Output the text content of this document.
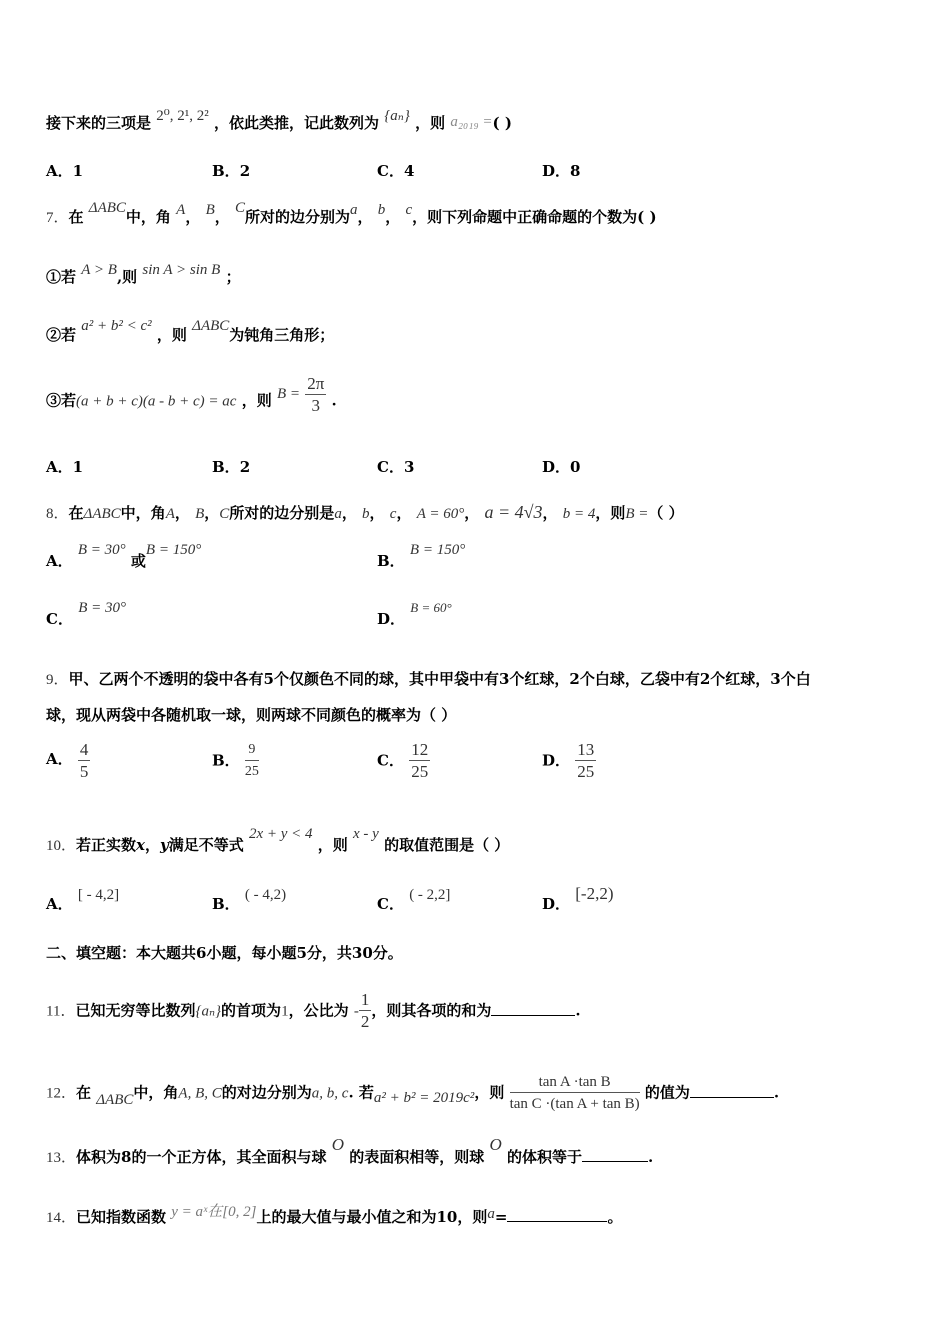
接下来的三项是 2⁰, 2¹, 2² ，依此类推，记此数列为 {aₙ} ，则 a₂₀₁₉ =( )
A．1	B．2	C．4	D．8
7．在 ΔABC中，角 A， B， C所对的边分别为a， b， c，则下列命题中正确命题的个数为( )
①若 A > B,则 sin A > sin B ；
②若 a² + b² < c² ，则 ΔABC为钝角三角形；
③若(a + b + c)(a - b + c) = ac ，则 $B = \frac{2\pi}{3}$ .
A．1	B．2	C．3	D．0
8．在ΔABC中，角A， B，C所对的边分别是a， b， c， A = 60°， a = 4√3， b = 4，则B =（ ）
A． B = 30° 或B = 150°
B． B = 150°
C． B = 30°
D． B = 60°
9．甲、乙两个不透明的袋中各有5个仅颜色不同的球，其中甲袋中有3个红球，2个白球，乙袋中有2个红球，3个白
球，现从两袋中各随机取一球，则两球不同颜色的概率为（ ）
A． $\frac{4}{5}$	B． $\frac{9}{25}$	C． $\frac{12}{25}$	D． $\frac{13}{25}$
10．若正实数x，y满足不等式 2x + y < 4 ，则 x - y 的取值范围是（ ）
A． [ - 4,2]	B． ( - 4,2)	C． ( - 2,2]	D． [-2,2)
二、填空题：本大题共6小题，每小题5分，共30分。
11．已知无穷等比数列{aₙ}的首项为1，公比为 - $\frac{1}{2}$ ，则其各项的和为	.
12．在 ΔABC中，角A, B, C的对边分别为a, b, c. 若a² + b² = 2019c²，则 $\frac{\text{tan A ·tan B}}{\text{tan C ·(tan A + tan B)}}$ 的值为	.
13．体积为8的一个正方体，其全面积与球 O 的表面积相等，则球 O 的体积等于	.
14．已知指数函数 y = aˣ在[0, 2]上的最大值与最小值之和为10，则a=	。
